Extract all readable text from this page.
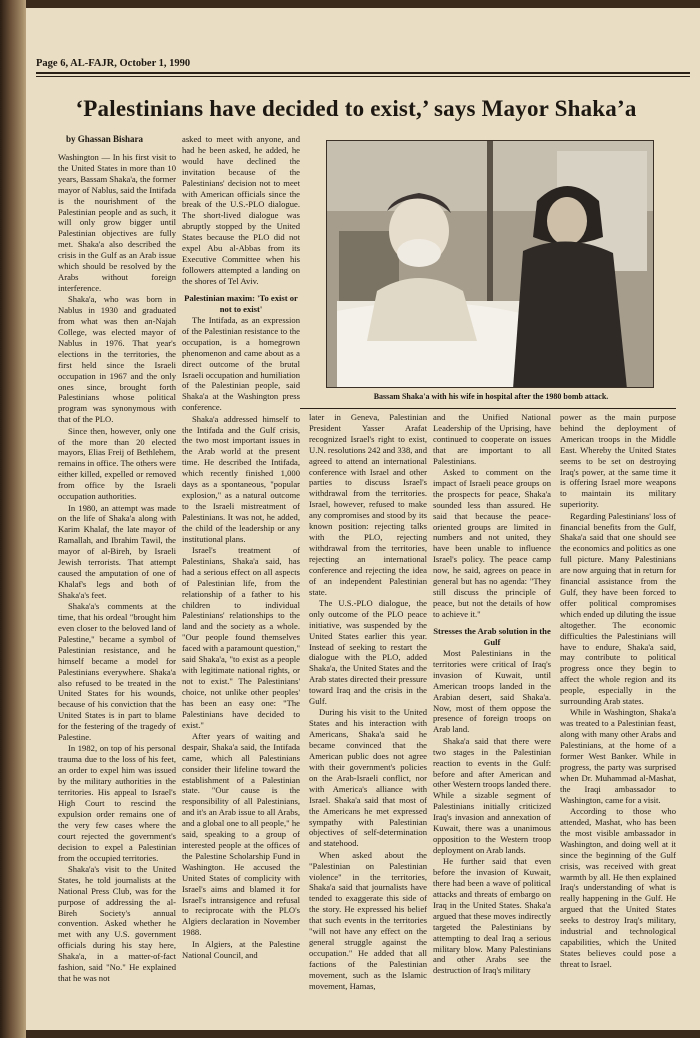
Page 6, AL-FAJR, October 1, 1990
‘Palestinians have decided to exist,’ says Mayor Shaka’a
by Ghassan Bishara

Washington — In his first visit to the United States in more than 10 years, Bassam Shaka'a, the former mayor of Nablus, said the Intifada is the nourishment of the Palestinian people and as such, it will only grow bigger until Palestinian objectives are fully met. Shaka'a also described the crisis in the Gulf as an Arab issue which should be resolved by the Arabs without foreign interference.

Shaka'a, who was born in Nablus in 1930 and graduated from what was then an-Najah College, was elected mayor of Nablus in 1976. That year's elections in the territories, the first held since the Israeli occupation in 1967 and the only ones since, brought forth Palestinians whose political program was synonymous with that of the PLO.

Since then, however, only one of the more than 20 elected mayors, Elias Freij of Bethlehem, remains in office. The others were either killed, expelled or removed from office by the Israeli occupation authorities.

In 1980, an attempt was made on the life of Shaka'a along with Karim Khalaf, the late mayor of Ramallah, and Ibrahim Tawil, the mayor of al-Bireh, by Israeli Jewish terrorists. That attempt caused the amputation of one of Khalaf's legs and both of Shaka'a's feet.

Shaka'a's comments at the time, that his ordeal "brought him even closer to the beloved land of Palestine," became a symbol of Palestinian resistance, and he himself became a model for Palestinians everywhere. Shaka'a also refused to be treated in the United States for his wounds, because of his conviction that the United States is in part to blame for the festering of the tragedy of Palestine.

In 1982, on top of his personal trauma due to the loss of his feet, an order to expel him was issued by the military authorities in the territories. His appeal to Israel's High Court to rescind the expulsion order remains one of the very few cases where the court rejected the government's decision to expel a Palestinian from the occupied territories.

Shaka'a's visit to the United States, he told journalists at the National Press Club, was for the purpose of addressing the al-Bireh Society's annual convention. Asked whether he met with any U.S. government officials during his stay here, Shaka'a, in a matter-of-fact fashion, said "No." He explained that he was not

asked to meet with anyone, and had he been asked, he added, he would have declined the invitation because of the Palestinians' decision not to meet with American officials since the break of the U.S.-PLO dialogue. The short-lived dialogue was abruptly stopped by the United States because the PLO did not expel Abu al-Abbas from its Executive Committee when his followers attempted a landing on the shores of Tel Aviv.

Palestinian maxim: 'To exist or not to exist'

The Intifada, as an expression of the Palestinian resistance to the occupation, is a homegrown phenomenon and came about as a direct outcome of the brutal Israeli occupation and humiliation of the Palestinian people, said Shaka'a at the Washington press conference.

Shaka'a addressed himself to the Intifada and the Gulf crisis, the two most important issues in the Arab world at the present time. He described the Intifada, which recently finished 1,000 days as a spontaneous, "popular explosion," as a natural outcome to the Israeli mistreatment of Palestinians. It was not, he added, the child of the leadership or any institutional plans.

Israel's treatment of Palestinians, Shaka'a said, has had a serious effect on all aspects of Palestinian life, from the relationship of a father to his children to individual Palestinians' relationships to the land and the society as a whole. "Our people found themselves faced with a paramount question," said Shaka'a, "to exist as a people with legitimate national rights, or not to exist." The Palestinians' choice, not unlike other peoples' has been an easy one: "The Palestinians have decided to exist."

After years of waiting and despair, Shaka'a said, the Intifada came, which all Palestinians consider their lifeline toward the establishment of a Palestinian state. "Our cause is the responsibility of all Palestinians, and it's an Arab issue to all Arabs, and a global one to all people," he said, speaking to a group of interested people at the offices of the Palestine Scholarship Fund in Washington. He accused the United States of complicity with Israel's aims and blamed it for Israel's intransigence and refusal to reciprocate with the PLO's Algiers declaration in November 1988.

In Algiers, at the Palestine National Council, and

Bassam Shaka'a with his wife in hospital after the 1980 bomb attack.

later in Geneva, Palestinian President Yasser Arafat recognized Israel's right to exist, U.N. resolutions 242 and 338, and agreed to attend an international conference with Israel and other parties to discuss Israel's withdrawal from the territories. Israel, however, refused to make any compromises and stood by its known position: rejecting talks with the PLO, rejecting withdrawal from the territories, rejecting an international conference and rejecting the idea of an independent Palestinian state.

The U.S.-PLO dialogue, the only outcome of the PLO peace initiative, was suspended by the United States earlier this year. Instead of seeking to restart the dialogue with the PLO, added Shaka'a, the United States and the Arab states directed their pressure toward Iraq and the crisis in the Gulf.

During his visit to the United States and his interaction with Americans, Shaka'a said he became convinced that the American public does not agree with their government's policies on the Arab-Israeli conflict, nor with America's alliance with Israel. Shaka'a said that most of the Americans he met expressed sympathy with Palestinian objectives of self-determination and statehood.

When asked about the "Palestinian on Palestinian violence" in the territories, Shaka'a said that journalists have tended to exaggerate this side of the story. He expressed his belief that such events in the territories "will not have any effect on the general struggle against the occupation." He added that all factions of the Palestinian movement, such as the Islamic movement, Hamas,

and the Unified National Leadership of the Uprising, have continued to cooperate on issues that are important to all Palestinians.

Asked to comment on the impact of Israeli peace groups on the prospects for peace, Shaka'a sounded less than assured. He said that because the peace-oriented groups are limited in numbers and not united, they have been unable to influence Israel's policy. The peace camp now, he said, agrees on peace in general but has no agenda: "They still discuss the principle of peace, but not the details of how to achieve it."

Stresses the Arab solution in the Gulf

Most Palestinians in the territories were critical of Iraq's invasion of Kuwait, until American troops landed in the Arabian desert, said Shaka'a. Now, most of them oppose the presence of foreign troops on Arab land.

Shaka'a said that there were two stages in the Palestinian reaction to events in the Gulf: before and after American and other Western troops landed there. While a sizable segment of Palestinians initially criticized Iraq's invasion and annexation of Kuwait, there was a unanimous opposition to the Western troop deployment on Arab lands.

He further said that even before the invasion of Kuwait, there had been a wave of political attacks and threats of embargo on Iraq in the United States. Shaka'a argued that these moves indirectly targeted the Palestinians by attempting to deal Iraq a serious military blow. Many Palestinians and other Arabs see the destruction of Iraq's military

power as the main purpose behind the deployment of American troops in the Middle East. Whereby the United States seems to be set on destroying Iraq's power, at the same time it is offering Israel more weapons to maintain its military superiority.

Regarding Palestinians' loss of financial benefits from the Gulf, Shaka'a said that one should see the economics and politics as one full picture. Many Palestinians are now arguing that in return for financial assistance from the Gulf, they have been forced to offer political compromises which ended up diluting the issue altogether. The economic difficulties the Palestinians will have to endure, Shaka'a said, may contribute to political progress once they begin to affect the whole region and its people, especially in the surrounding Arab states.

While in Washington, Shaka'a was treated to a Palestinian feast, along with many other Arabs and Palestinians, at the home of a former West Banker. While in progress, the party was surprised when Dr. Muhammad al-Mashat, the Iraqi ambassador to Washington, came for a visit.

According to those who attended, Mashat, who has been the most visible ambassador in Washington, and doing well at it since the beginning of the Gulf crisis, was received with great warmth by all. He then explained Iraq's understanding of what is really happening in the Gulf. He argued that the United States seeks to destroy Iraq's military, industrial and technological capabilities, which the United States believes could pose a threat to Israel.
